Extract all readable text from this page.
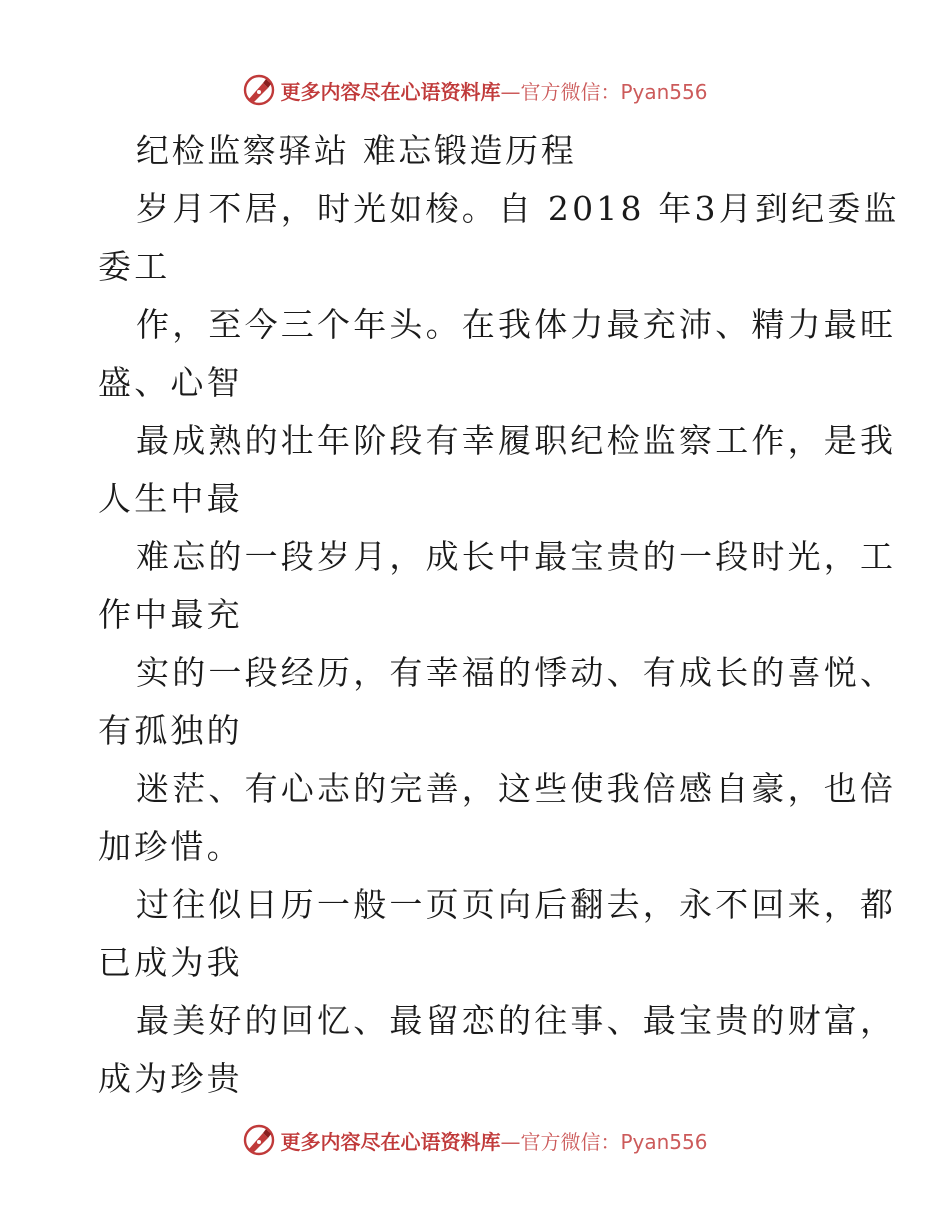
更多内容尽在心语资料库—官方微信：Pyan556
纪检监察驿站 难忘锻造历程
岁月不居，时光如梭。自 2018 年3月到纪委监
委工
作，至今三个年头。在我体力最充沛、精力最旺
盛、心智
最成熟的壮年阶段有幸履职纪检监察工作，是我
人生中最
难忘的一段岁月，成长中最宝贵的一段时光，工
作中最充
实的一段经历，有幸福的悸动、有成长的喜悦、
有孤独的
迷茫、有心志的完善，这些使我倍感自豪，也倍
加珍惜。
过往似日历一般一页页向后翻去，永不回来，都
已成为我
最美好的回忆、最留恋的往事、最宝贵的财富，
成为珍贵
更多内容尽在心语资料库—官方微信：Pyan556
